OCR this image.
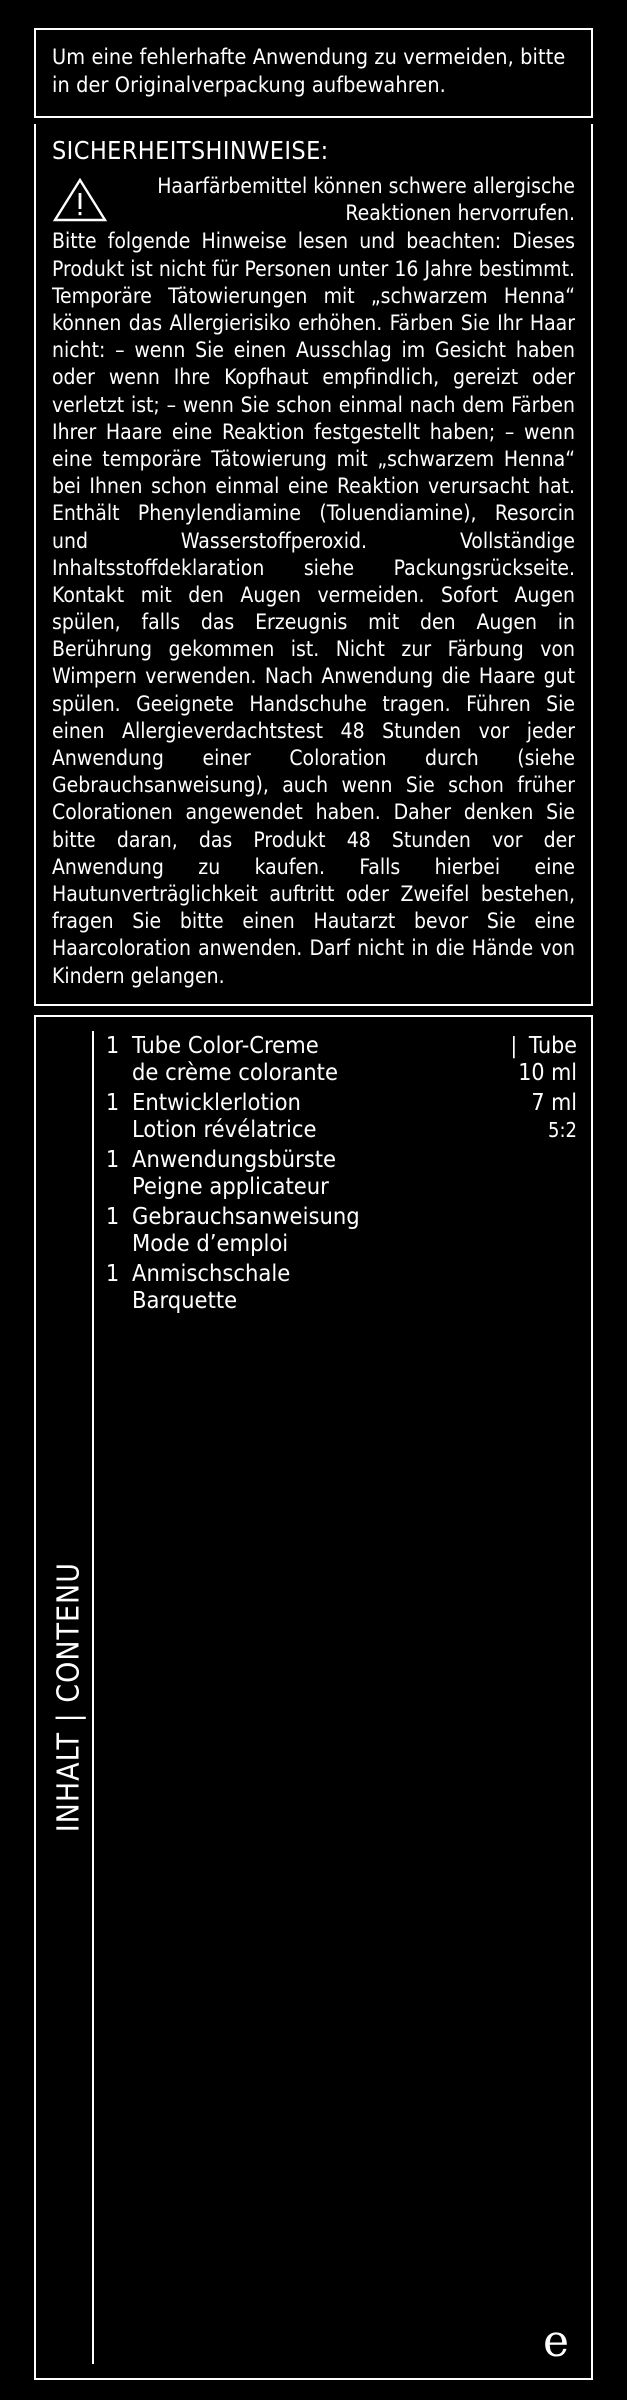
Um eine fehlerhafte Anwendung zu vermeiden, bitte in der Originalverpackung aufbewahren.
SICHERHEITSHINWEISE:
Haarfärbemittel können schwere allergische Reaktionen hervorrufen.
Bitte folgende Hinweise lesen und beachten: Dieses Produkt ist nicht für Personen unter 16 Jahre bestimmt. Temporäre Tätowierungen mit „schwarzem Henna“ können das Allergierisiko erhöhen. Färben Sie Ihr Haar nicht: – wenn Sie einen Ausschlag im Gesicht haben oder wenn Ihre Kopfhaut empfindlich, gereizt oder verletzt ist; – wenn Sie schon einmal nach dem Färben Ihrer Haare eine Reaktion festgestellt haben; – wenn eine temporäre Tätowierung mit „schwarzem Henna“ bei Ihnen schon einmal eine Reaktion verursacht hat. Enthält Phenylendiamine (Toluendiamine), Resorcin und Wasserstoffperoxid. Vollständige Inhaltsstoffdeklaration siehe Packungsrückseite. Kontakt mit den Augen vermeiden. Sofort Augen spülen, falls das Erzeugnis mit den Augen in Berührung gekommen ist. Nicht zur Färbung von Wimpern verwenden. Nach Anwendung die Haare gut spülen. Geeignete Handschuhe tragen. Führen Sie einen Allergieverdachtstest 48 Stunden vor jeder Anwendung einer Coloration durch (siehe Gebrauchsanweisung), auch wenn Sie schon früher Colorationen angewendet haben. Daher denken Sie bitte daran, das Produkt 48 Stunden vor der Anwendung zu kaufen. Falls hierbei eine Hautunverträglichkeit auftritt oder Zweifel bestehen, fragen Sie bitte einen Hautarzt bevor Sie eine Haarcoloration anwenden. Darf nicht in die Hände von Kindern gelangen.
INHALT | CONTENU
1 Tube Color-Creme	| Tube
de crème colorante	10 ml
1 Entwicklerlotion	7 ml
Lotion révélatrice	5:2
1 Anwendungsbürste
Peigne applicateur
1 Gebrauchsanweisung
Mode d’emploi
1 Anmischschale
Barquette
e
